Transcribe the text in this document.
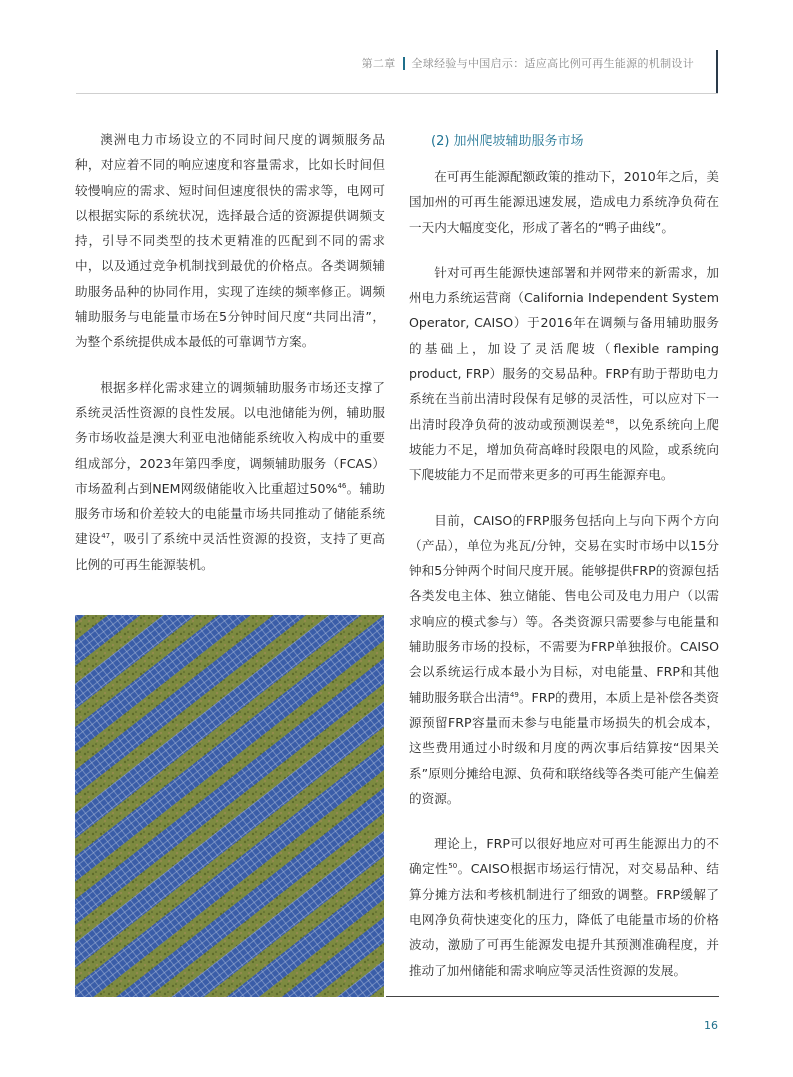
第二章 全球经验与中国启示：适应高比例可再生能源的机制设计

澳洲电力市场设立的不同时间尺度的调频服务品种，对应着不同的响应速度和容量需求，比如长时间但较慢响应的需求、短时间但速度很快的需求等，电网可以根据实际的系统状况，选择最合适的资源提供调频支持，引导不同类型的技术更精准的匹配到不同的需求中，以及通过竞争机制找到最优的价格点。各类调频辅助服务品种的协同作用，实现了连续的频率修正。调频辅助服务与电能量市场在5分钟时间尺度“共同出清”，为整个系统提供成本最低的可靠调节方案。

根据多样化需求建立的调频辅助服务市场还支撑了系统灵活性资源的良性发展。以电池储能为例，辅助服务市场收益是澳大利亚电池储能系统收入构成中的重要组成部分，2023年第四季度，调频辅助服务（FCAS）市场盈利占到NEM网级储能收入比重超过50%$^{46}$。辅助服务市场和价差较大的电能量市场共同推动了储能系统建设$^{47}$，吸引了系统中灵活性资源的投资，支持了更高比例的可再生能源装机。

(2) 加州爬坡辅助服务市场

在可再生能源配额政策的推动下，2010年之后，美国加州的可再生能源迅速发展，造成电力系统净负荷在一天内大幅度变化，形成了著名的“鸭子曲线”。

针对可再生能源快速部署和并网带来的新需求，加州电力系统运营商（California Independent System Operator, CAISO）于2016年在调频与备用辅助服务的基础上，加设了灵活爬坡（flexible ramping product, FRP）服务的交易品种。FRP有助于帮助电力系统在当前出清时段保有足够的灵活性，可以应对下一出清时段净负荷的波动或预测误差$^{48}$，以免系统向上爬坡能力不足，增加负荷高峰时段限电的风险，或系统向下爬坡能力不足而带来更多的可再生能源弃电。

目前，CAISO的FRP服务包括向上与向下两个方向（产品），单位为兆瓦/分钟，交易在实时市场中以15分钟和5分钟两个时间尺度开展。能够提供FRP的资源包括各类发电主体、独立储能、售电公司及电力用户（以需求响应的模式参与）等。各类资源只需要参与电能量和辅助服务市场的投标，不需要为FRP单独报价。CAISO会以系统运行成本最小为目标，对电能量、FRP和其他辅助服务联合出清$^{49}$。FRP的费用，本质上是补偿各类资源预留FRP容量而未参与电能量市场损失的机会成本，这些费用通过小时级和月度的两次事后结算按“因果关系”原则分摊给电源、负荷和联络线等各类可能产生偏差的资源。

理论上，FRP可以很好地应对可再生能源出力的不确定性$^{50}$。CAISO根据市场运行情况，对交易品种、结算分摊方法和考核机制进行了细致的调整。FRP缓解了电网净负荷快速变化的压力，降低了电能量市场的价格波动，激励了可再生能源发电提升其预测准确程度，并推动了加州储能和需求响应等灵活性资源的发展。

16
